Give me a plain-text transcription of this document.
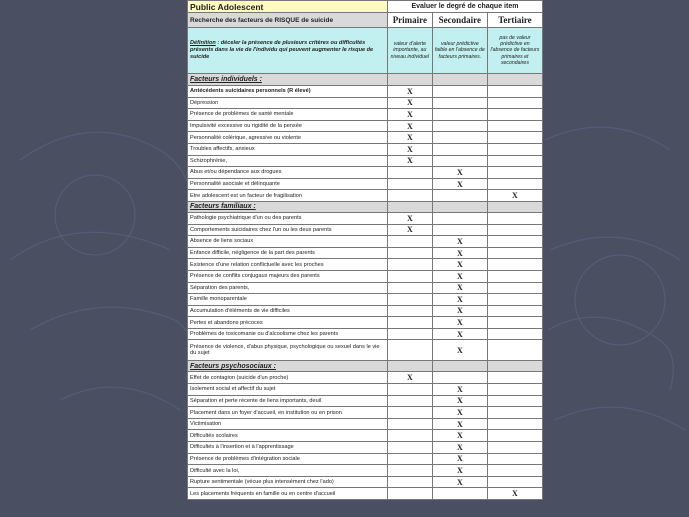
Public Adolescent	Evaluer le degré de chaque item		
Recherche des facteurs de RISQUE de suicide	Primaire	Secondaire	Tertiaire
Définition : déceler la présence de plusieurs critères ou difficultés présents dans la vie de l'individu qui peuvent augmenter le risque de suicide	valeur d'alerte importante, au niveau individuel	valeur prédictive faible en l'absence de facteurs primaires.	pas de valeur prédictive en l'absence de facteurs primaires et secondaires
Facteurs individuels :			
Antécédents suicidaires personnels (R élevé)	X		
Dépression	X		
Présence de problèmes de santé mentale	X		
Impulsivité excessive ou rigidité de la pensée	X		
Personnalité colérique, agressive ou violente	X		
Troubles affectifs, anxieux	X		
Schizophrénie,	X		
Abus et/ou dépendance aux drogues		X	
Personnalité asociale et délinquante		X	
Etre adolescent est un facteur de fragilisation			X
Facteurs familiaux :			
Pathologie psychiatrique d'un ou des parents	X		
Comportements suicidaires chez l'un ou les deux parents	X		
Absence de liens sociaux		X	
Enfance difficile, négligence de la part des parents		X	
Existence d'une relation conflictuelle avec les proches		X	
Présence de conflits conjugaux majeurs des parents		X	
Séparation des parents,		X	
Famille monoparentale		X	
Accumulation d'éléments de vie difficiles		X	
Pertes et abandons précoces		X	
Problèmes de toxicomanie ou d'alcoolisme chez les parents		X	
Présence de violence, d'abus physique, psychologique ou sexuel dans le vie du sujet		X	
Facteurs psychosociaux :			
Effet de contagion (suicide d'un proche)	X		
Isolement social et affectif du sujet		X	
Séparation et perte récente de liens importants, deuil		X	
Placement dans un foyer d'accueil, en institution ou en prison		X	
Victimisation		X	
Difficultés scolaires		X	
Difficultés à l'insertion et à l'apprentissage		X	
Présence de problèmes d'intégration sociale		X	
Difficulté avec la loi,		X	
Rupture sentimentale (vécue plus intensément chez l'ado)		X	
Les placements fréquents en famille ou en centre d'accueil			X
